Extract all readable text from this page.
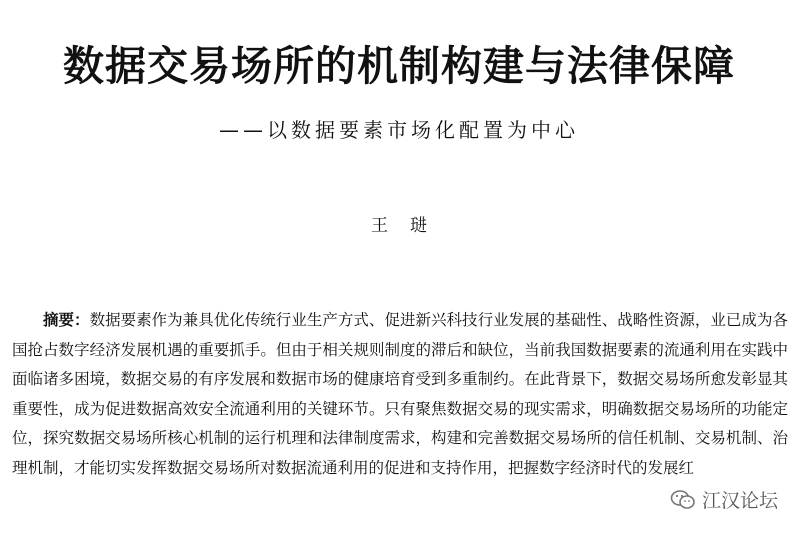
数据交易场所的机制构建与法律保障
——以数据要素市场化配置为中心
王琎
摘要：数据要素作为兼具优化传统行业生产方式、促进新兴科技行业发展的基础性、战略性资源，业已成为各国抢占数字经济发展机遇的重要抓手。但由于相关规则制度的滞后和缺位，当前我国数据要素的流通利用在实践中面临诸多困境，数据交易的有序发展和数据市场的健康培育受到多重制约。在此背景下，数据交易场所愈发彰显其重要性，成为促进数据高效安全流通利用的关键环节。只有聚焦数据交易的现实需求，明确数据交易场所的功能定位，探究数据交易场所核心机制的运行机理和法律制度需求，构建和完善数据交易场所的信任机制、交易机制、治理机制，才能切实发挥数据交易场所对数据流通利用的促进和支持作用，把握数字经济时代的发展红
江汉论坛
